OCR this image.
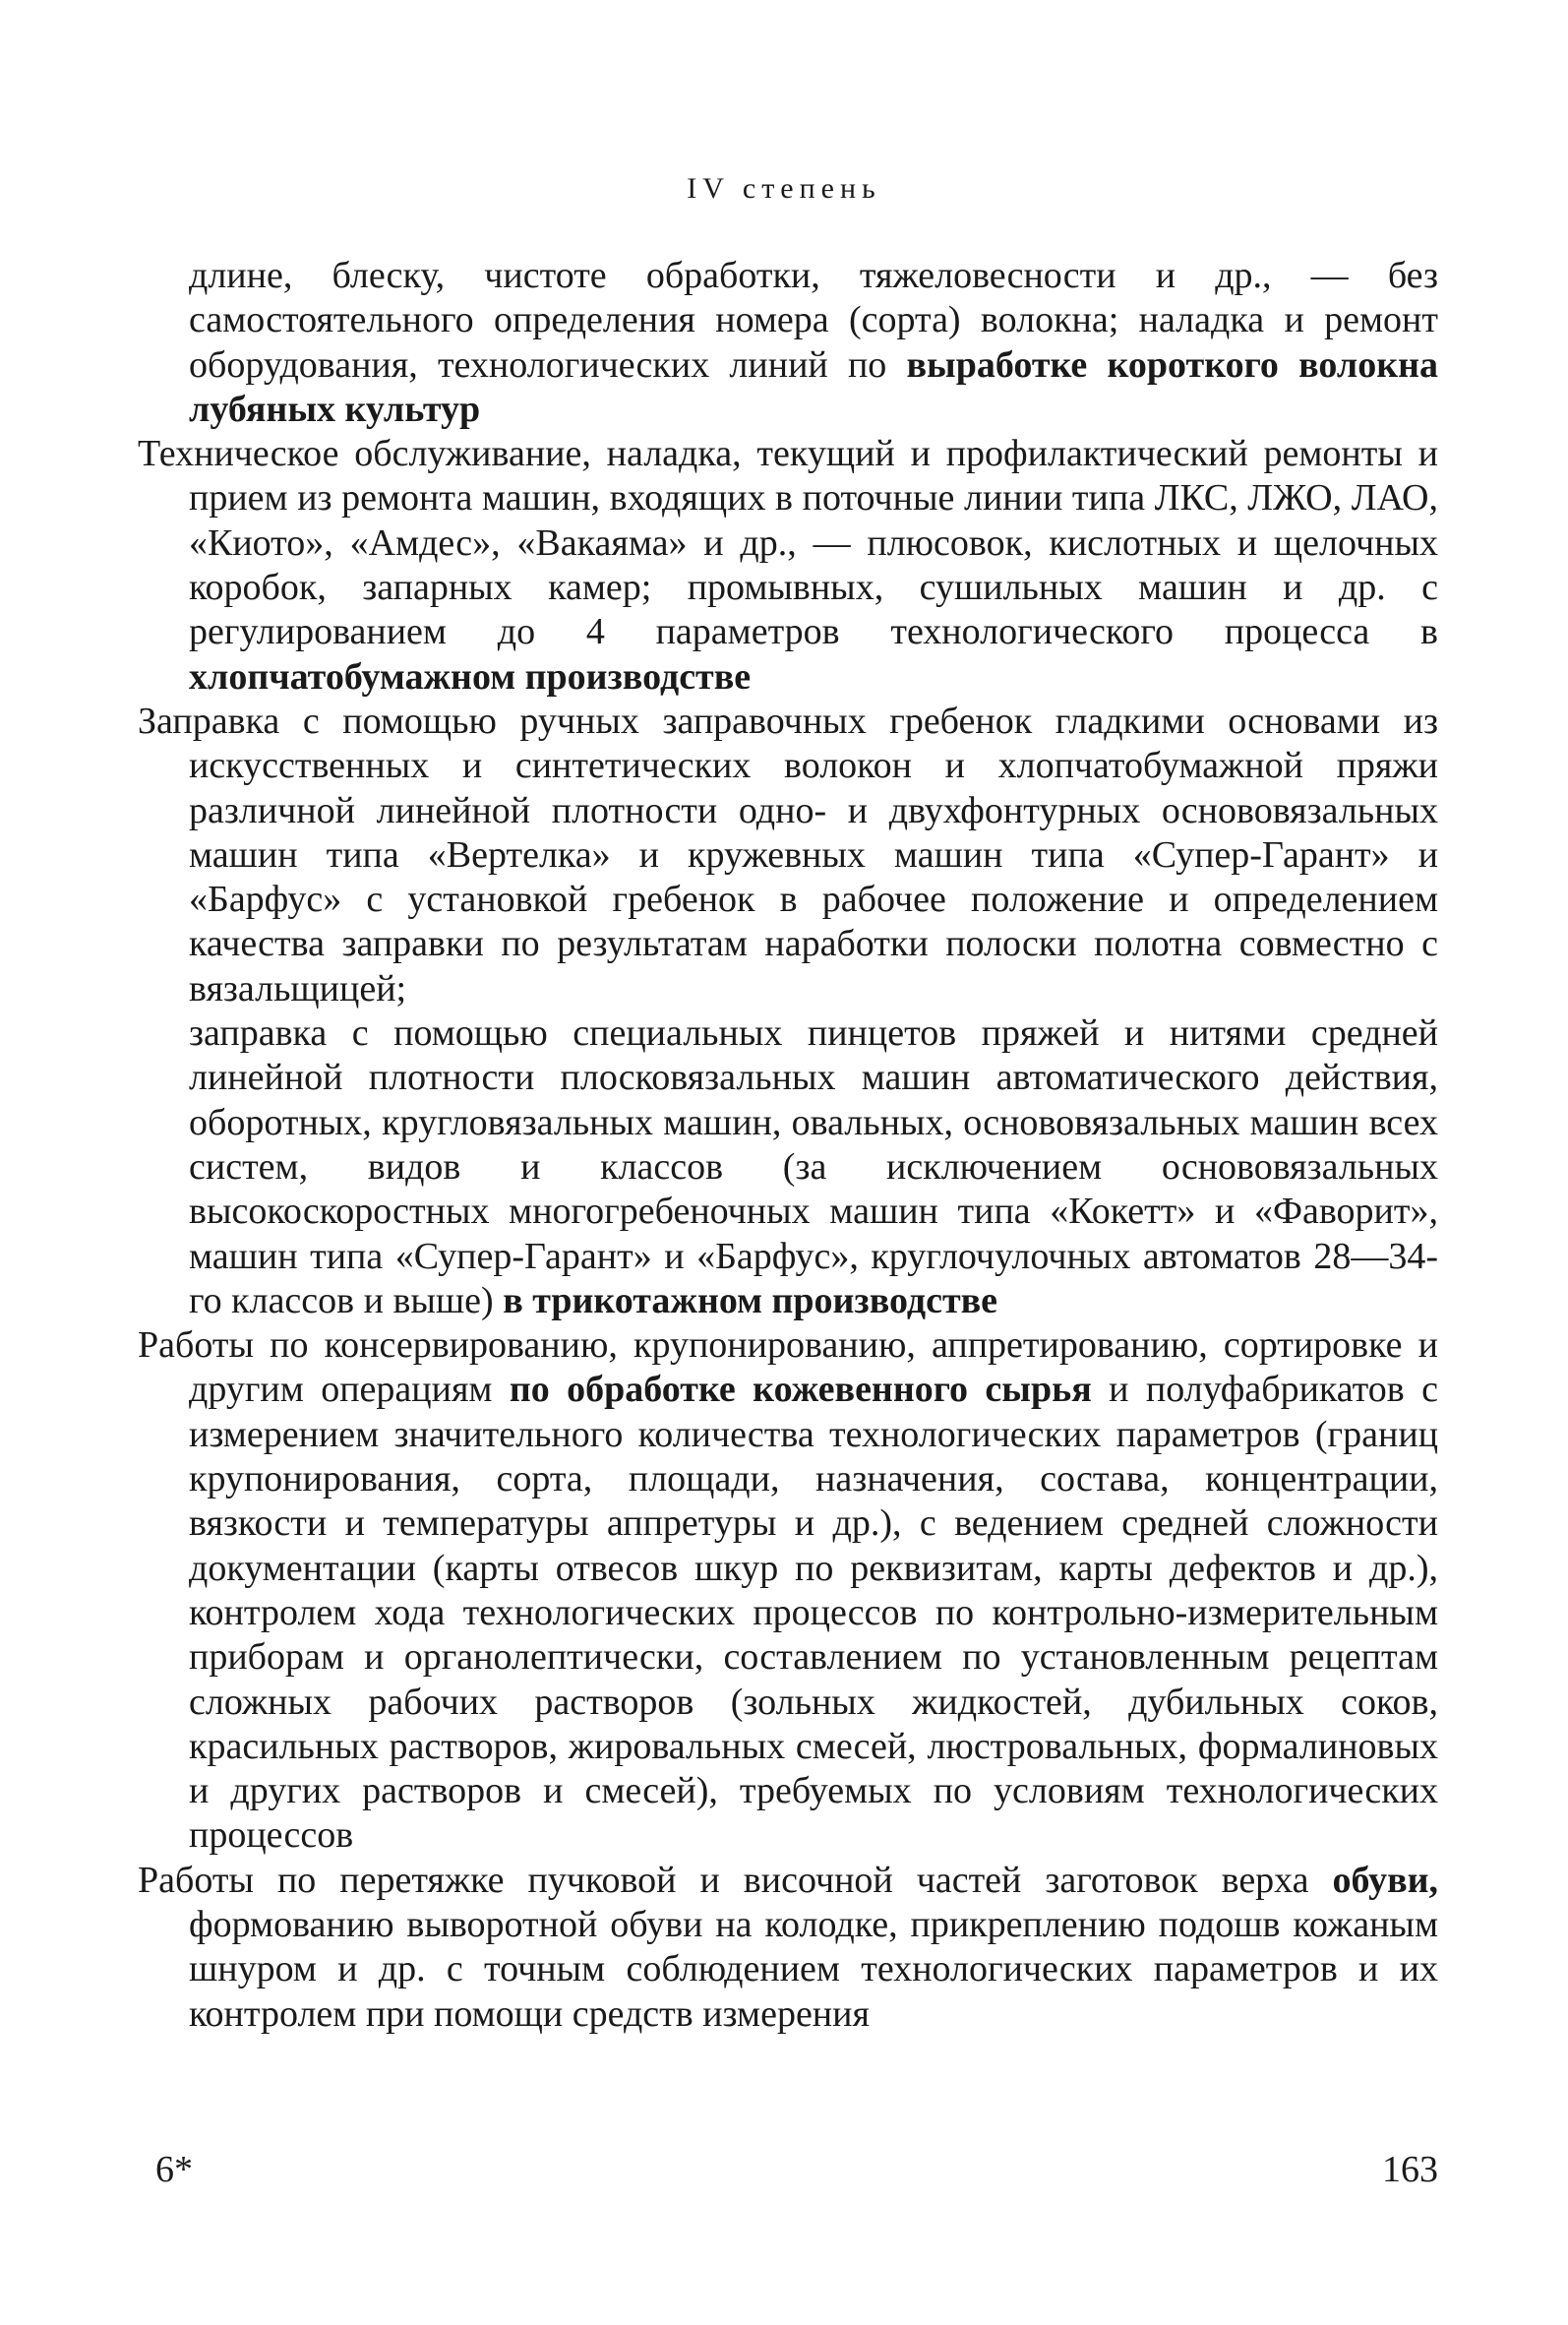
IV степень

длине, блеску, чистоте обработки, тяжеловесности и др., — без самостоятельного определения номера (сорта) волокна; наладка и ремонт оборудования, технологических линий по выработке короткого волокна лубяных культур

Техническое обслуживание, наладка, текущий и профилактический ремонты и прием из ремонта машин, входящих в поточные линии типа ЛКС, ЛЖО, ЛАО, «Киото», «Амдес», «Вакаяма» и др., — плюсовок, кислотных и щелочных коробок, запарных камер; промывных, сушильных машин и др. с регулированием до 4 параметров технологического процесса в хлопчатобумажном производстве

Заправка с помощью ручных заправочных гребенок гладкими основами из искусственных и синтетических волокон и хлопчатобумажной пряжи различной линейной плотности одно- и двухфонтурных основовязальных машин типа «Вертелка» и кружевных машин типа «Супер-Гарант» и «Барфус» с установкой гребенок в рабочее положение и определением качества заправки по результатам наработки полоски полотна совместно с вязальщицей;

заправка с помощью специальных пинцетов пряжей и нитями средней линейной плотности плосковязальных машин автоматического действия, оборотных, кругловязальных машин, овальных, основовязальных машин всех систем, видов и классов (за исключением основовязальных высокоскоростных многогребеночных машин типа «Кокетт» и «Фаворит», машин типа «Супер-Гарант» и «Барфус», круглочулочных автоматов 28—34-го классов и выше) в трикотажном производстве

Работы по консервированию, крупонированию, аппретированию, сортировке и другим операциям по обработке кожевенного сырья и полуфабрикатов с измерением значительного количества технологических параметров (границ крупонирования, сорта, площади, назначения, состава, концентрации, вязкости и температуры аппретуры и др.), с ведением средней сложности документации (карты отвесов шкур по реквизитам, карты дефектов и др.), контролем хода технологических процессов по контрольно-измерительным приборам и органолептически, составлением по установленным рецептам сложных рабочих растворов (зольных жидкостей, дубильных соков, красильных растворов, жировальных смесей, люстровальных, формалиновых и других растворов и смесей), требуемых по условиям технологических процессов

Работы по перетяжке пучковой и височной частей заготовок верха обуви, формованию выворотной обуви на колодке, прикреплению подошв кожаным шнуром и др. с точным соблюдением технологических параметров и их контролем при помощи средств измерения

6*	163
